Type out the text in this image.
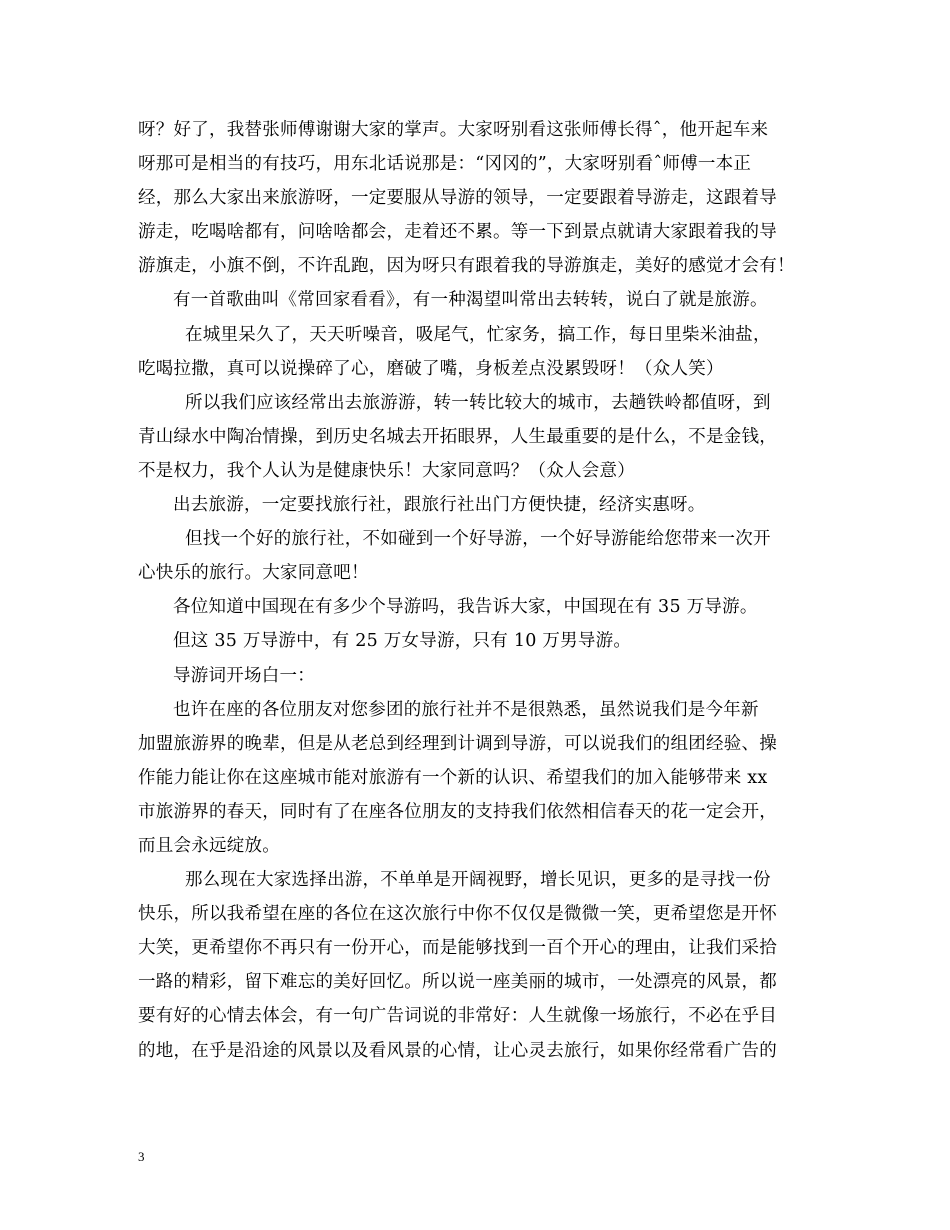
呀？好了，我替张师傅谢谢大家的掌声。大家呀别看这张师傅长得ˆ，他开起车来
呀那可是相当的有技巧，用东北话说那是：“冈冈的”，大家呀别看ˆ师傅一本正
经，那么大家出来旅游呀，一定要服从导游的领导，一定要跟着导游走，这跟着导
游走，吃喝啥都有，问啥啥都会，走着还不累。等一下到景点就请大家跟着我的导
游旗走，小旗不倒，不许乱跑，因为呀只有跟着我的导游旗走，美好的感觉才会有！
有一首歌曲叫《常回家看看》，有一种渴望叫常出去转转，说白了就是旅游。
在城里呆久了，天天听噪音，吸尾气，忙家务，搞工作，每日里柴米油盐，
吃喝拉撒，真可以说操碎了心，磨破了嘴，身板差点没累毁呀！（众人笑）
所以我们应该经常出去旅游游，转一转比较大的城市，去趟铁岭都值呀，到
青山绿水中陶冶情操，到历史名城去开拓眼界，人生最重要的是什么，不是金钱，
不是权力，我个人认为是健康快乐！大家同意吗？（众人会意）
出去旅游，一定要找旅行社，跟旅行社出门方便快捷，经济实惠呀。
但找一个好的旅行社，不如碰到一个好导游，一个好导游能给您带来一次开
心快乐的旅行。大家同意吧！
各位知道中国现在有多少个导游吗，我告诉大家，中国现在有 35 万导游。
但这 35 万导游中，有 25 万女导游，只有 10 万男导游。
导游词开场白一：
也许在座的各位朋友对您参团的旅行社并不是很熟悉，虽然说我们是今年新
加盟旅游界的晚辈，但是从老总到经理到计调到导游，可以说我们的组团经验、操
作能力能让你在这座城市能对旅游有一个新的认识、希望我们的加入能够带来 xx
市旅游界的春天，同时有了在座各位朋友的支持我们依然相信春天的花一定会开，
而且会永远绽放。
那么现在大家选择出游，不单单是开阔视野，增长见识，更多的是寻找一份
快乐，所以我希望在座的各位在这次旅行中你不仅仅是微微一笑，更希望您是开怀
大笑，更希望你不再只有一份开心，而是能够找到一百个开心的理由，让我们采拾
一路的精彩，留下难忘的美好回忆。所以说一座美丽的城市，一处漂亮的风景，都
要有好的心情去体会，有一句广告词说的非常好：人生就像一场旅行，不必在乎目
的地，在乎是沿途的风景以及看风景的心情，让心灵去旅行，如果你经常看广告的
3
